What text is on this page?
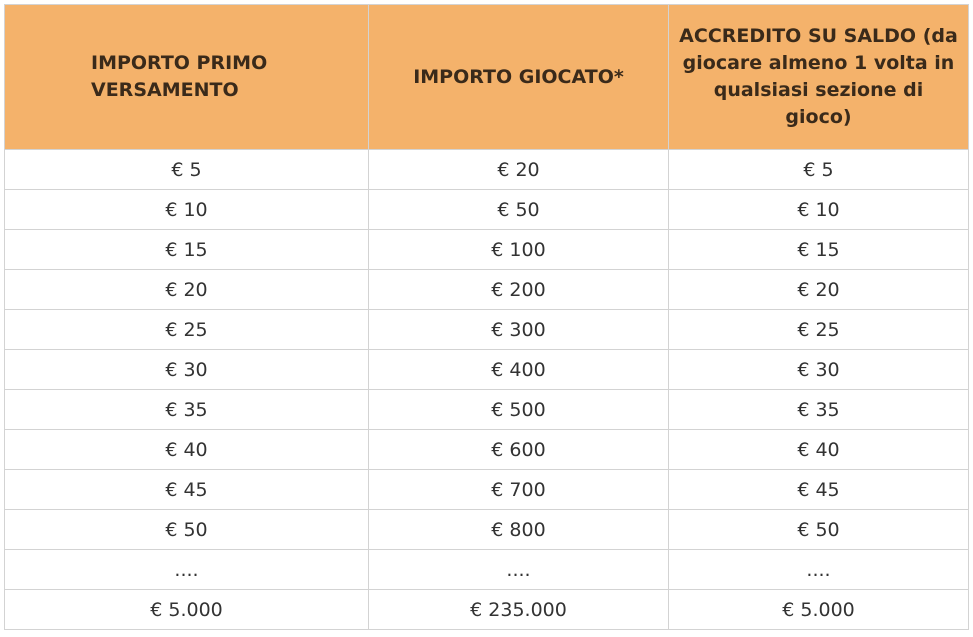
IMPORTO PRIMO VERSAMENTO	IMPORTO GIOCATO*	ACCREDITO SU SALDO (da giocare almeno 1 volta in qualsiasi sezione di gioco)
€ 5	€ 20	€ 5
€ 10	€ 50	€ 10
€ 15	€ 100	€ 15
€ 20	€ 200	€ 20
€ 25	€ 300	€ 25
€ 30	€ 400	€ 30
€ 35	€ 500	€ 35
€ 40	€ 600	€ 40
€ 45	€ 700	€ 45
€ 50	€ 800	€ 50
....	....	....
€ 5.000	€ 235.000	€ 5.000
